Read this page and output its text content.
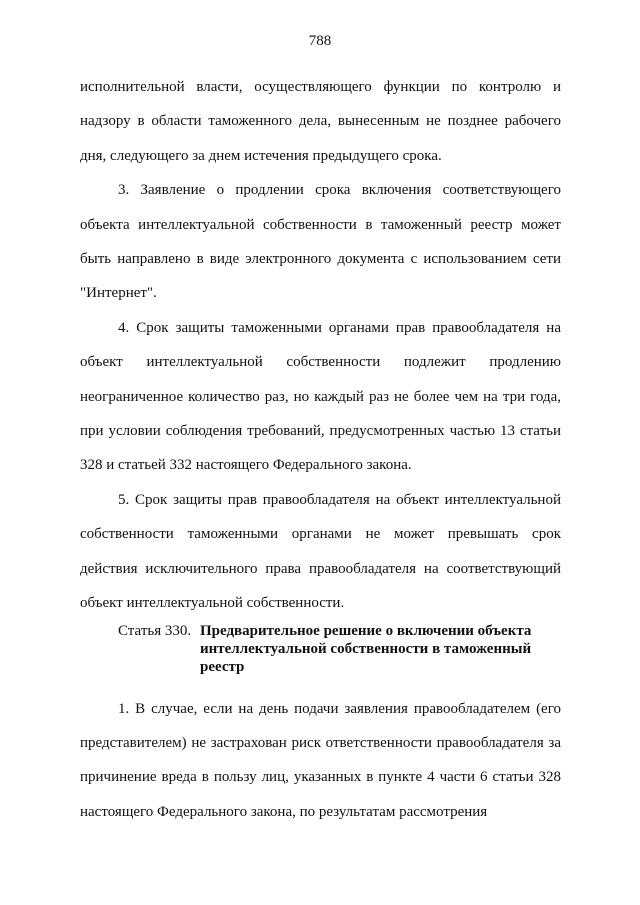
788

исполнительной власти, осуществляющего функции по контролю и надзору в области таможенного дела, вынесенным не позднее рабочего дня, следующего за днем истечения предыдущего срока.

3. Заявление о продлении срока включения соответствующего объекта интеллектуальной собственности в таможенный реестр может быть направлено в виде электронного документа с использованием сети "Интернет".

4. Срок защиты таможенными органами прав правообладателя на объект интеллектуальной собственности подлежит продлению неограниченное количество раз, но каждый раз не более чем на три года, при условии соблюдения требований, предусмотренных частью 13 статьи 328 и статьей 332 настоящего Федерального закона.

5. Срок защиты прав правообладателя на объект интеллектуальной собственности таможенными органами не может превышать срок действия исключительного права правообладателя на соответствующий объект интеллектуальной собственности.

Статья 330. Предварительное решение о включении объекта интеллектуальной собственности в таможенный реестр

1. В случае, если на день подачи заявления правообладателем (его представителем) не застрахован риск ответственности правообладателя за причинение вреда в пользу лиц, указанных в пункте 4 части 6 статьи 328 настоящего Федерального закона, по результатам рассмотрения
